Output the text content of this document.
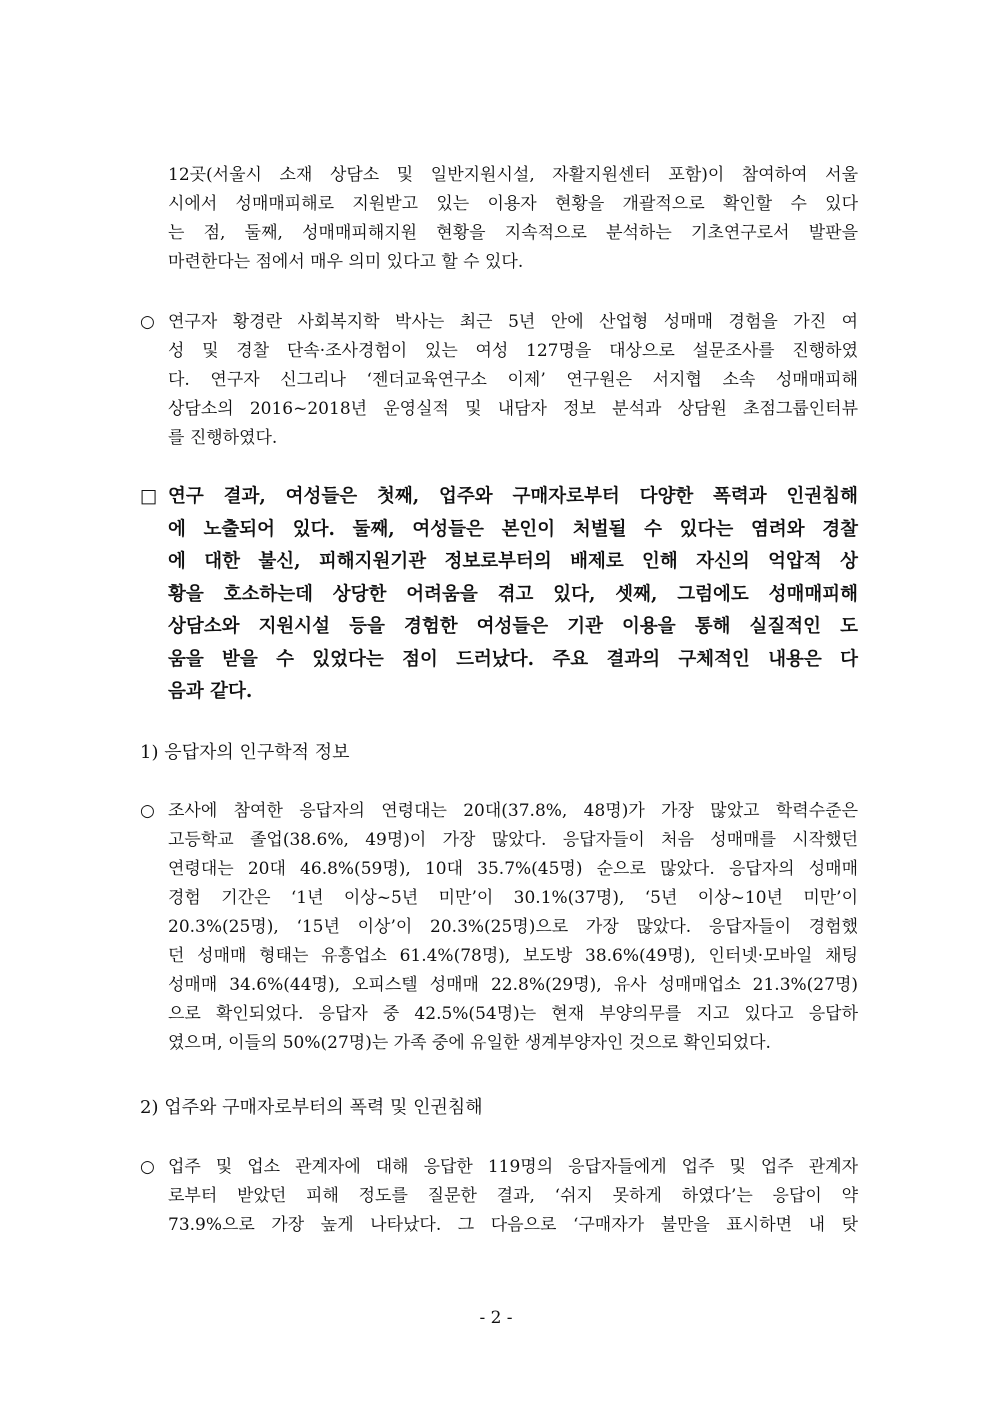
12곳(서울시 소재 상담소 및 일반지원시설, 자활지원센터 포함)이 참여하여 서울
시에서 성매매피해로 지원받고 있는 이용자 현황을 개괄적으로 확인할 수 있다
는 점, 둘째, 성매매피해지원 현황을 지속적으로 분석하는 기초연구로서 발판을
마련한다는 점에서 매우 의미 있다고 할 수 있다.
○ 연구자 황경란 사회복지학 박사는 최근 5년 안에 산업형 성매매 경험을 가진 여
성 및 경찰 단속·조사경험이 있는 여성 127명을 대상으로 설문조사를 진행하였
다. 연구자 신그리나 ‘젠더교육연구소 이제’ 연구원은 서지협 소속 성매매피해
상담소의 2016~2018년 운영실적 및 내담자 정보 분석과 상담원 초점그룹인터뷰
를 진행하였다.
□ 연구 결과, 여성들은 첫째, 업주와 구매자로부터 다양한 폭력과 인권침해
에 노출되어 있다. 둘째, 여성들은 본인이 처벌될 수 있다는 염려와 경찰
에 대한 불신, 피해지원기관 정보로부터의 배제로 인해 자신의 억압적 상
황을 호소하는데 상당한 어려움을 겪고 있다, 셋째, 그럼에도 성매매피해
상담소와 지원시설 등을 경험한 여성들은 기관 이용을 통해 실질적인 도
움을 받을 수 있었다는 점이 드러났다. 주요 결과의 구체적인 내용은 다
음과 같다.
1) 응답자의 인구학적 정보
○ 조사에 참여한 응답자의 연령대는 20대(37.8%, 48명)가 가장 많았고 학력수준은
고등학교 졸업(38.6%, 49명)이 가장 많았다. 응답자들이 처음 성매매를 시작했던
연령대는 20대 46.8%(59명), 10대 35.7%(45명) 순으로 많았다. 응답자의 성매매
경험 기간은 ‘1년 이상~5년 미만’이 30.1%(37명), ‘5년 이상~10년 미만’이
20.3%(25명), ‘15년 이상’이 20.3%(25명)으로 가장 많았다. 응답자들이 경험했
던 성매매 형태는 유흥업소 61.4%(78명), 보도방 38.6%(49명), 인터넷·모바일 채팅
성매매 34.6%(44명), 오피스텔 성매매 22.8%(29명), 유사 성매매업소 21.3%(27명)
으로 확인되었다. 응답자 중 42.5%(54명)는 현재 부양의무를 지고 있다고 응답하
였으며, 이들의 50%(27명)는 가족 중에 유일한 생계부양자인 것으로 확인되었다.
2) 업주와 구매자로부터의 폭력 및 인권침해
○ 업주 및 업소 관계자에 대해 응답한 119명의 응답자들에게 업주 및 업주 관계자
로부터 받았던 피해 정도를 질문한 결과, ‘쉬지 못하게 하였다’는 응답이 약
73.9%으로 가장 높게 나타났다. 그 다음으로 ‘구매자가 불만을 표시하면 내 탓
- 2 -
